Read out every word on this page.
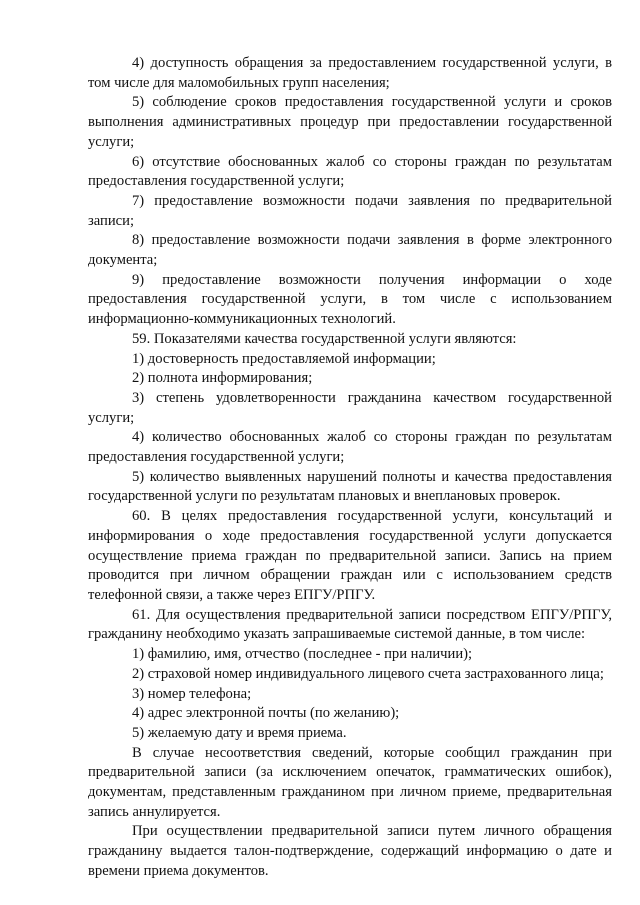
4) доступность обращения за предоставлением государственной услуги, в том числе для маломобильных групп населения;

5) соблюдение сроков предоставления государственной услуги и сроков выполнения административных процедур при предоставлении государственной услуги;

6) отсутствие обоснованных жалоб со стороны граждан по результатам предоставления государственной услуги;

7) предоставление возможности подачи заявления по предварительной записи;

8) предоставление возможности подачи заявления в форме электронного документа;

9) предоставление возможности получения информации о ходе предоставления государственной услуги, в том числе с использованием информационно-коммуникационных технологий.

59. Показателями качества государственной услуги являются:

1) достоверность предоставляемой информации;

2) полнота информирования;

3) степень удовлетворенности гражданина качеством государственной услуги;

4) количество обоснованных жалоб со стороны граждан по результатам предоставления государственной услуги;

5) количество выявленных нарушений полноты и качества предоставления государственной услуги по результатам плановых и внеплановых проверок.

60. В целях предоставления государственной услуги, консультаций и информирования о ходе предоставления государственной услуги допускается осуществление приема граждан по предварительной записи. Запись на прием проводится при личном обращении граждан или с использованием средств телефонной связи, а также через ЕПГУ/РПГУ.

61. Для осуществления предварительной записи посредством ЕПГУ/РПГУ, гражданину необходимо указать запрашиваемые системой данные, в том числе:

1) фамилию, имя, отчество (последнее - при наличии);

2) страховой номер индивидуального лицевого счета застрахованного лица;

3) номер телефона;

4) адрес электронной почты (по желанию);

5) желаемую дату и время приема.

В случае несоответствия сведений, которые сообщил гражданин при предварительной записи (за исключением опечаток, грамматических ошибок), документам, представленным гражданином при личном приеме, предварительная запись аннулируется.

При осуществлении предварительной записи путем личного обращения гражданину выдается талон-подтверждение, содержащий информацию о дате и времени приема документов.
